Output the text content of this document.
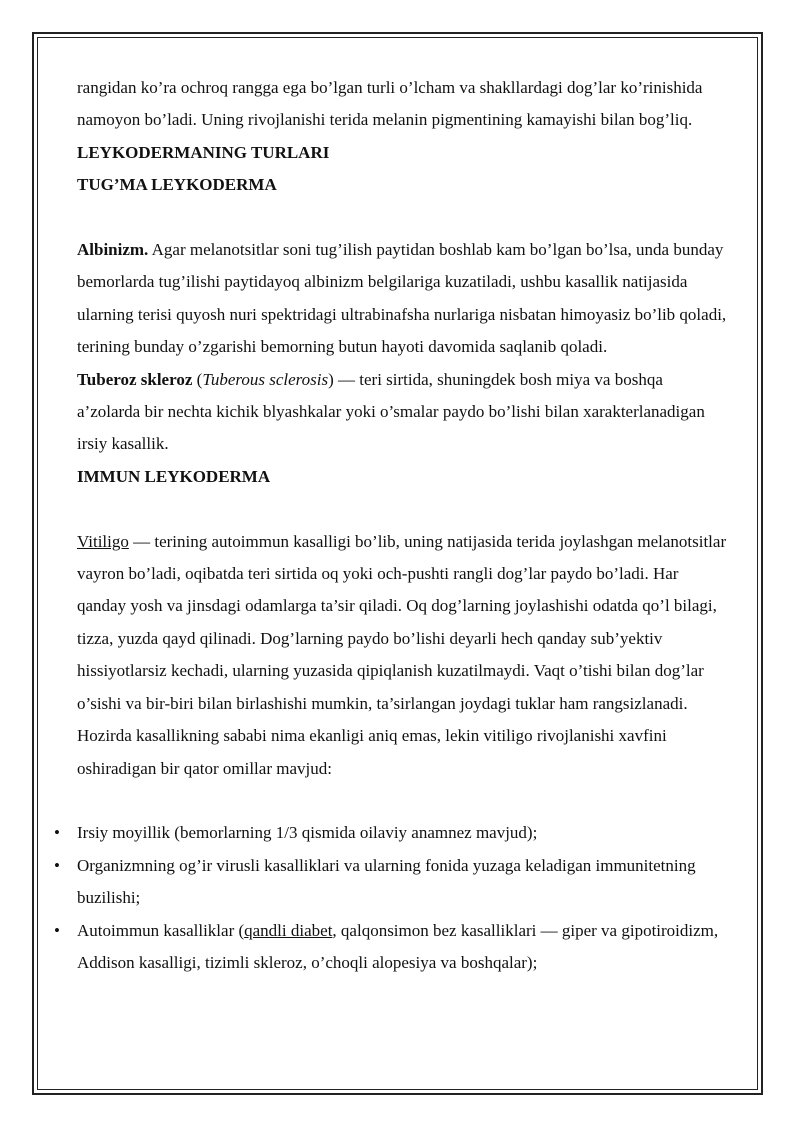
rangidan ko’ra ochroq rangga ega bo’lgan turli o’lcham va shakllardagi dog’lar ko’rinishida namoyon bo’ladi. Uning rivojlanishi terida melanin pigmentining kamayishi bilan bog’liq.

LEYKODERMANING TURLARI

TUG’MA LEYKODERMA

Albinizm. Agar melanotsitlar soni tug’ilish paytidan boshlab kam bo’lgan bo’lsa, unda bunday bemorlarda tug’ilishi paytidayoq albinizm belgilariga kuzatiladi, ushbu kasallik natijasida ularning terisi quyosh nuri spektridagi ultrabinafsha nurlariga nisbatan himoyasiz bo’lib qoladi, terining bunday o’zgarishi bemorning butun hayoti davomida saqlanib qoladi.

Tuberoz skleroz (Tuberous sclerosis) — teri sirtida, shuningdek bosh miya va boshqa a’zolarda bir nechta kichik blyashkalar yoki o’smalar paydo bo’lishi bilan xarakterlanadigan irsiy kasallik.

IMMUN LEYKODERMA

Vitiligo — terining autoimmun kasalligi bo’lib, uning natijasida terida joylashgan melanotsitlar vayron bo’ladi, oqibatda teri sirtida oq yoki och-pushti rangli dog’lar paydo bo’ladi. Har qanday yosh va jinsdagi odamlarga ta’sir qiladi. Oq dog’larning joylashishi odatda qo’l bilagi, tizza, yuzda qayd qilinadi. Dog’larning paydo bo’lishi deyarli hech qanday sub’yektiv hissiyotlarsiz kechadi, ularning yuzasida qipiqlanish kuzatilmaydi. Vaqt o’tishi bilan dog’lar o’sishi va bir-biri bilan birlashishi mumkin, ta’sirlangan joydagi tuklar ham rangsizlanadi. Hozirda kasallikning sababi nima ekanligi aniq emas, lekin vitiligo rivojlanishi xavfini oshiradigan bir qator omillar mavjud:

• Irsiy moyillik (bemorlarning 1/3 qismida oilaviy anamnez mavjud);
• Organizmning og’ir virusli kasalliklari va ularning fonida yuzaga keladigan immunitetning buzilishi;
• Autoimmun kasalliklar (qandli diabet, qalqonsimon bez kasalliklari — giper va gipotiroidizm, Addison kasalligi, tizimli skleroz, o’choqli alopesiya va boshqalar);
